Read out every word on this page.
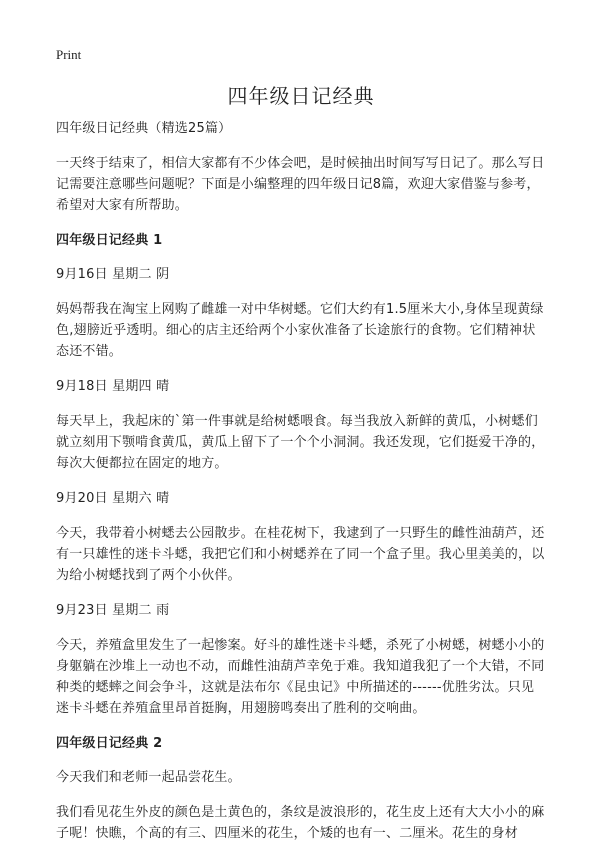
Print
四年级日记经典

四年级日记经典（精选25篇）

一天终于结束了，相信大家都有不少体会吧，是时候抽出时间写写日记了。那么写日记需要注意哪些问题呢？下面是小编整理的四年级日记8篇，欢迎大家借鉴与参考，希望对大家有所帮助。

四年级日记经典 1

9月16日 星期二 阴

妈妈帮我在淘宝上网购了雌雄一对中华树蟋。它们大约有1.5厘米大小,身体呈现黄绿色,翅膀近乎透明。细心的店主还给两个小家伙准备了长途旅行的食物。它们精神状态还不错。

9月18日 星期四 晴

每天早上，我起床的`第一件事就是给树蟋喂食。每当我放入新鲜的黄瓜，小树蟋们就立刻用下颚啃食黄瓜，黄瓜上留下了一个个小洞洞。我还发现，它们挺爱干净的，每次大便都拉在固定的地方。

9月20日 星期六 晴

今天，我带着小树蟋去公园散步。在桂花树下，我逮到了一只野生的雌性油葫芦，还有一只雄性的迷卡斗蟋，我把它们和小树蟋养在了同一个盒子里。我心里美美的，以为给小树蟋找到了两个小伙伴。

9月23日 星期二 雨

今天，养殖盒里发生了一起惨案。好斗的雄性迷卡斗蟋，杀死了小树蟋，树蟋小小的身躯躺在沙堆上一动也不动，而雌性油葫芦幸免于难。我知道我犯了一个大错，不同种类的蟋蟀之间会争斗，这就是法布尔《昆虫记》中所描述的------优胜劣汰。只见迷卡斗蟋在养殖盒里昂首挺胸，用翅膀鸣奏出了胜利的交响曲。

四年级日记经典 2

今天我们和老师一起品尝花生。

我们看见花生外皮的颜色是土黄色的，条纹是波浪形的，花生皮上还有大大小小的麻子呢！快瞧，个高的有三、四厘米的花生，个矮的也有一、二厘米。花生的身材
